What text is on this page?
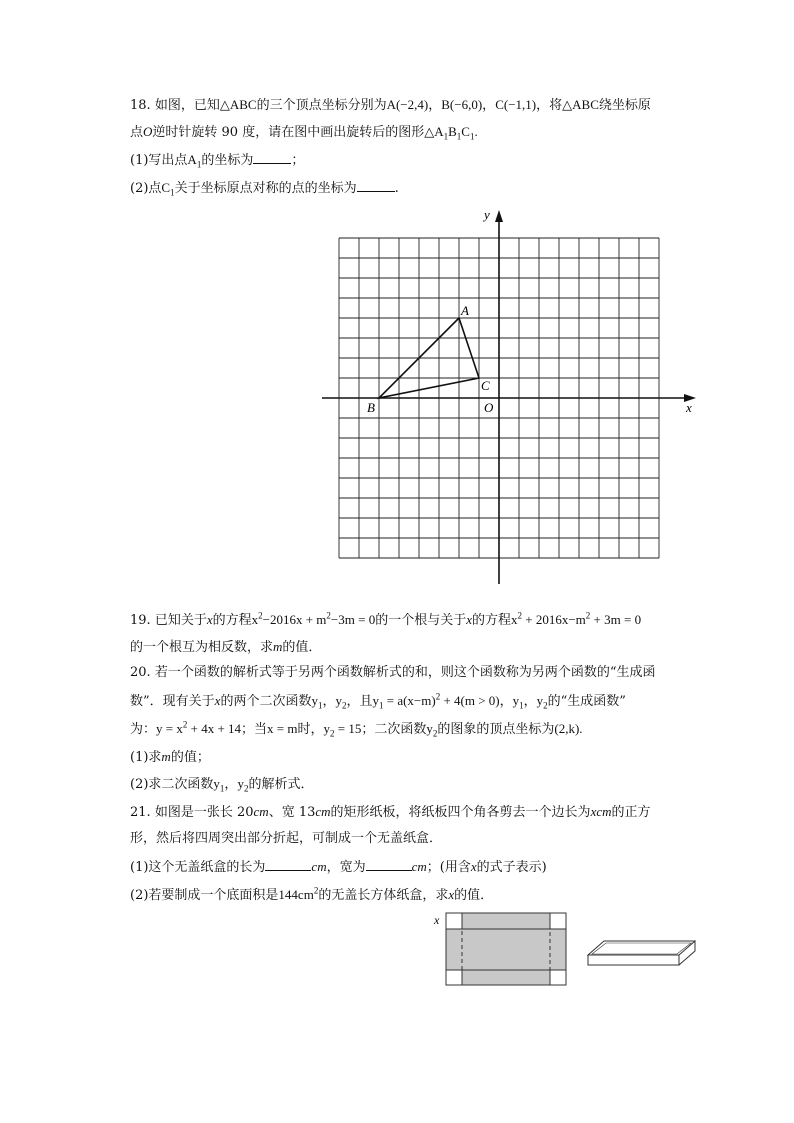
18. 如图，已知△ABC的三个顶点坐标分别为A(−2,4)，B(−6,0)，C(−1,1)，将△ABC绕坐标原
点O逆时针旋转 90 度，请在图中画出旋转后的图形$\triangle A_1B_1C_1$.
(1)写出点$A_1$的坐标为	；
(2)点$C_1$关于坐标原点对称的点的坐标为	.
y
x
A
B
C
O
19. 已知关于x的方程$x^2-2016x + m^2-3m = 0$的一个根与关于x的方程$x^2 + 2016x-m^2 + 3m = 0$
的一个根互为相反数，求m的值．
20. 若一个函数的解析式等于另两个函数解析式的和，则这个函数称为另两个函数的“生成函
数”．现有关于x的两个二次函数$y_1$，$y_2$，且$y_1 = a(x-m)^2 + 4(m > 0)$，$y_1$，$y_2$的“生成函数”
为：$y = x^2 + 4x + 14$；当x = m时，$y_2 = 15$；二次函数$y_2$的图象的顶点坐标为(2,k).
(1)求m的值；
(2)求二次函数$y_1$，$y_2$的解析式．
21. 如图是一张长 20cm、宽 13cm的矩形纸板，将纸板四个角各剪去一个边长为xcm的正方
形，然后将四周突出部分折起，可制成一个无盖纸盒．
(1)这个无盖纸盒的长为	cm，宽为	cm；(用含x的式子表示)
(2)若要制成一个底面积是$144cm^2$的无盖长方体纸盒，求x的值．
x
